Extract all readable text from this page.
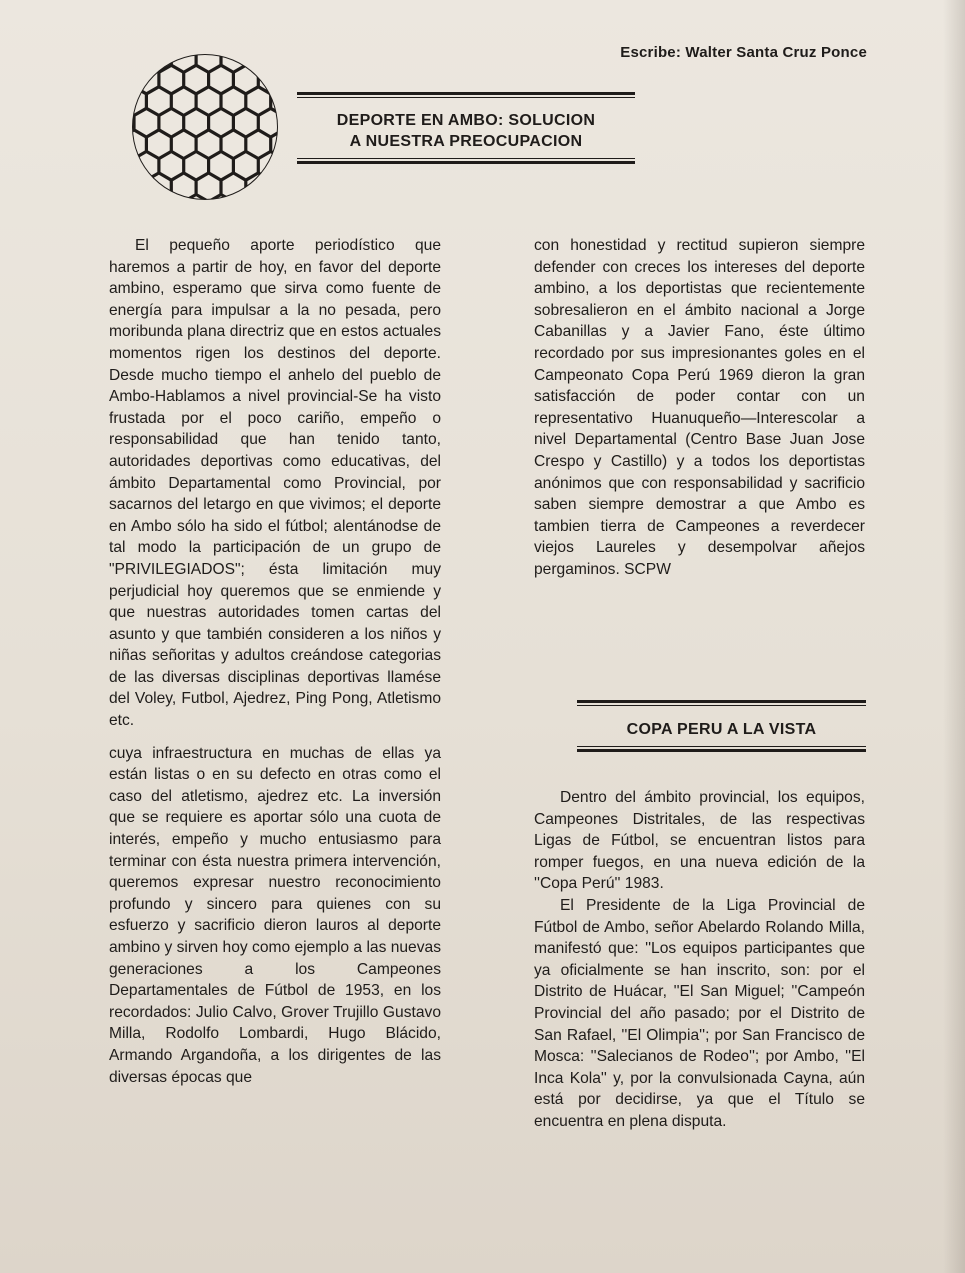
Escribe: Walter Santa Cruz Ponce
DEPORTE EN AMBO: SOLUCION
A NUESTRA PREOCUPACION

El pequeño aporte periodístico que haremos a partir de hoy, en favor del deporte ambino, esperamo que sirva como fuente de energía para impulsar a la no pesada, pero moribunda plana directriz que en estos actuales momentos rigen los destinos del deporte. Desde mucho tiempo el anhelo del pueblo de Ambo-Hablamos a nivel provincial-Se ha visto frustada por el poco cariño, empeño o responsabilidad que han tenido tanto, autoridades deportivas como educativas, del ámbito Departamental como Provincial, por sacarnos del letargo en que vivimos; el deporte en Ambo sólo ha sido el fútbol; alentánodse de tal modo la participación de un grupo de "PRIVILEGIADOS"; ésta limitación muy perjudicial hoy queremos que se enmiende y que nuestras autoridades tomen cartas del asunto y que también consideren a los niños y niñas señoritas y adultos creándose categorias de las diversas disciplinas deportivas llamése del Voley, Futbol, Ajedrez, Ping Pong, Atletismo etc.

cuya infraestructura en muchas de ellas ya están listas o en su defecto en otras como el caso del atletismo, ajedrez etc. La inversión que se requiere es aportar sólo una cuota de interés, empeño y mucho entusiasmo para terminar con ésta nuestra primera intervención, queremos expresar nuestro reconocimiento profundo y sincero para quienes con su esfuerzo y sacrificio dieron lauros al deporte ambino y sirven hoy como ejemplo a las nuevas generaciones a los Campeones Departamentales de Fútbol de 1953, en los recordados: Julio Calvo, Grover Trujillo Gustavo Milla, Rodolfo Lombardi, Hugo Blácido, Armando Argandoña, a los dirigentes de las diversas épocas que

con honestidad y rectitud supieron siempre defender con creces los intereses del deporte ambino, a los deportistas que recientemente sobresalieron en el ámbito nacional a Jorge Cabanillas y a Javier Fano, éste último recordado por sus impresionantes goles en el Campeonato Copa Perú 1969 dieron la gran satisfacción de poder contar con un representativo Huanuqueño—Interescolar a nivel Departamental (Centro Base Juan Jose Crespo y Castillo) y a todos los deportistas anónimos que con responsabilidad y sacrificio saben siempre demostrar a que Ambo es tambien tierra de Campeones a reverdecer viejos Laureles y desempolvar añejos pergaminos. SCPW

COPA PERU A LA VISTA

Dentro del ámbito provincial, los equipos, Campeones Distritales, de las respectivas Ligas de Fútbol, se encuentran listos para romper fuegos, en una nueva edición de la ''Copa Perú'' 1983.

El Presidente de la Liga Provincial de Fútbol de Ambo, señor Abelardo Rolando Milla, manifestó que: ''Los equipos participantes que ya oficialmente se han inscrito, son: por el Distrito de Huácar, ''El San Miguel; ''Campeón Provincial del año pasado; por el Distrito de San Rafael, ''El Olimpia''; por San Francisco de Mosca: ''Salecianos de Rodeo''; por Ambo, ''El Inca Kola'' y, por la convulsionada Cayna, aún está por decidirse, ya que el Título se encuentra en plena disputa.
